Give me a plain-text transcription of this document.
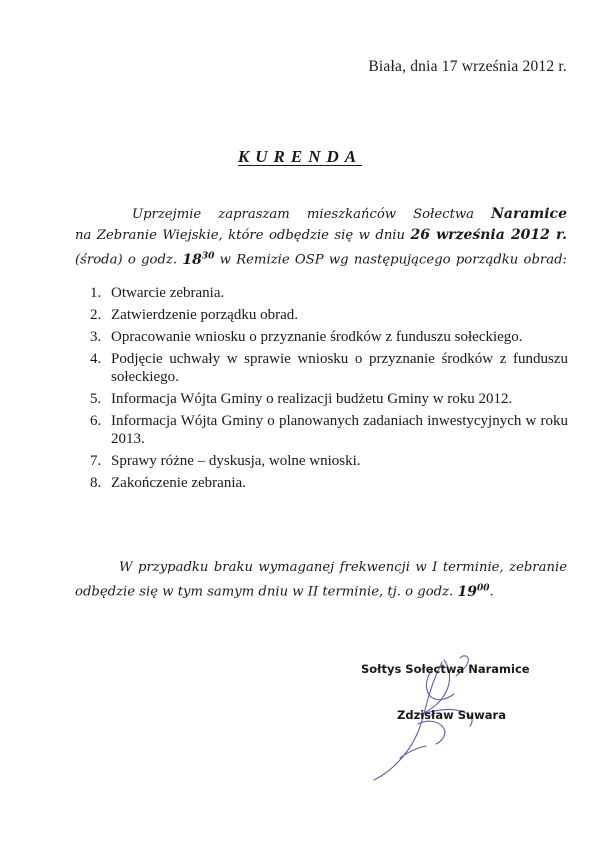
Biała, dnia 17 września 2012 r.
KURENDA

Uprzejmie zapraszam mieszkańców Sołectwa Naramice

na Zebranie Wiejskie, które odbędzie się w dniu 26 września 2012 r.

(środa) o godz. $18^{30}$ w Remizie OSP wg następującego porządku obrad:

1. Otwarcie zebrania.
2. Zatwierdzenie porządku obrad.
3. Opracowanie wniosku o przyznanie środków z funduszu sołeckiego.
4. Podjęcie uchwały w sprawie wniosku o przyznanie środków z funduszu sołeckiego.
5. Informacja Wójta Gminy o realizacji budżetu Gminy w roku 2012.
6. Informacja Wójta Gminy o planowanych zadaniach inwestycyjnych w roku 2013.
7. Sprawy różne – dyskusja, wolne wnioski.
8. Zakończenie zebrania.

W przypadku braku wymaganej frekwencji w I terminie, zebranie

odbędzie się w tym samym dniu w II terminie, tj. o godz. $19^{00}$.

Sołtys Sołectwa Naramice
Zdzisław Suwara
